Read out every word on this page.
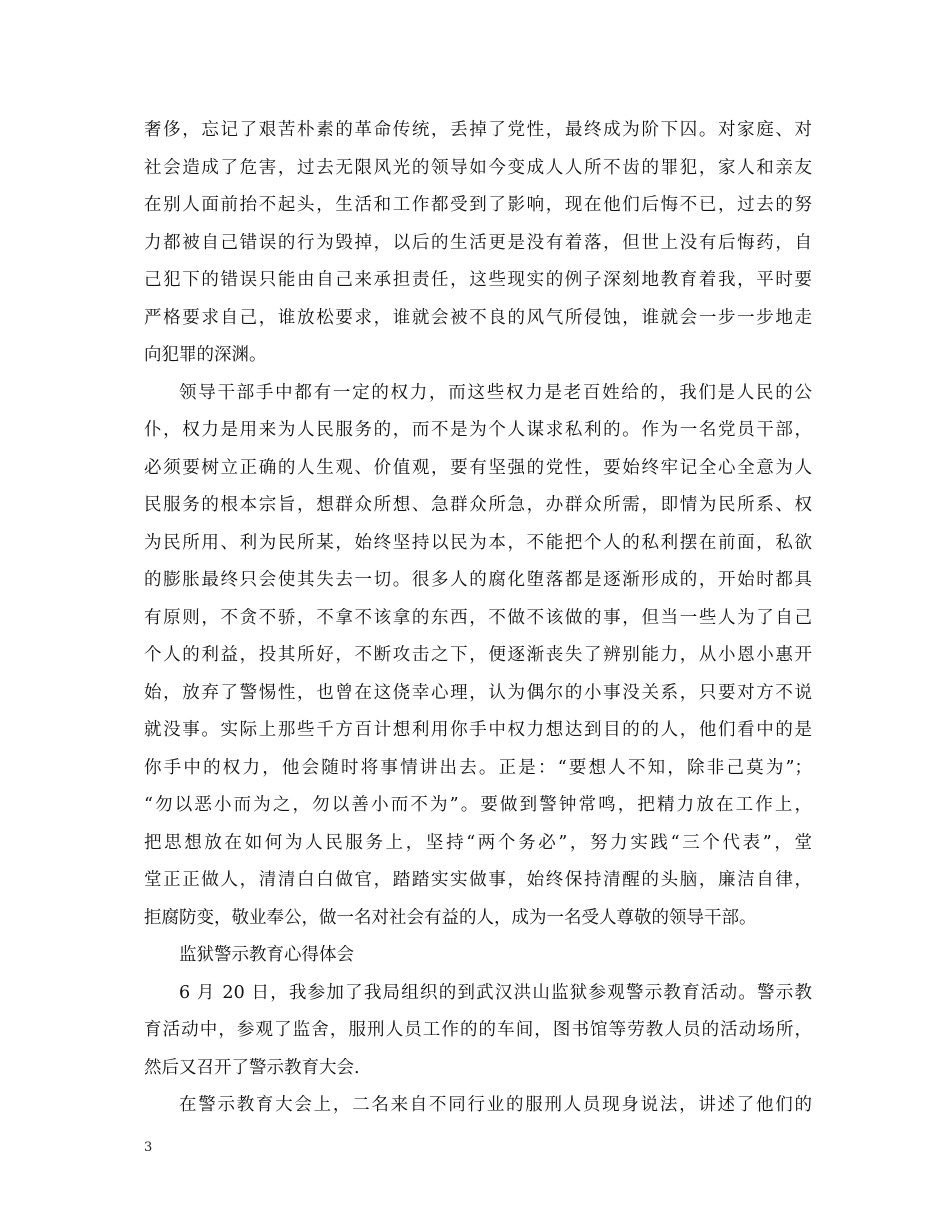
奢侈，忘记了艰苦朴素的革命传统，丢掉了党性，最终成为阶下囚。对家庭、对
社会造成了危害，过去无限风光的领导如今变成人人所不齿的罪犯，家人和亲友
在别人面前抬不起头，生活和工作都受到了影响，现在他们后悔不已，过去的努
力都被自己错误的行为毁掉，以后的生活更是没有着落，但世上没有后悔药，自
己犯下的错误只能由自己来承担责任，这些现实的例子深刻地教育着我，平时要
严格要求自己，谁放松要求，谁就会被不良的风气所侵蚀，谁就会一步一步地走
向犯罪的深渊。
领导干部手中都有一定的权力，而这些权力是老百姓给的，我们是人民的公
仆，权力是用来为人民服务的，而不是为个人谋求私利的。作为一名党员干部，
必须要树立正确的人生观、价值观，要有坚强的党性，要始终牢记全心全意为人
民服务的根本宗旨，想群众所想、急群众所急，办群众所需，即情为民所系、权
为民所用、利为民所某，始终坚持以民为本，不能把个人的私利摆在前面，私欲
的膨胀最终只会使其失去一切。很多人的腐化堕落都是逐渐形成的，开始时都具
有原则，不贪不骄，不拿不该拿的东西，不做不该做的事，但当一些人为了自己
个人的利益，投其所好，不断攻击之下，便逐渐丧失了辨别能力，从小恩小惠开
始，放弃了警惕性，也曾在这侥幸心理，认为偶尔的小事没关系，只要对方不说
就没事。实际上那些千方百计想利用你手中权力想达到目的的人，他们看中的是
你手中的权力，他会随时将事情讲出去。正是：“要想人不知，除非己莫为”；
“勿以恶小而为之，勿以善小而不为”。要做到警钟常鸣，把精力放在工作上，
把思想放在如何为人民服务上，坚持“两个务必”，努力实践“三个代表”，堂
堂正正做人，清清白白做官，踏踏实实做事，始终保持清醒的头脑，廉洁自律，
拒腐防变，敬业奉公，做一名对社会有益的人，成为一名受人尊敬的领导干部。
监狱警示教育心得体会
6 月 20 日，我参加了我局组织的到武汉洪山监狱参观警示教育活动。警示教
育活动中，参观了监舍，服刑人员工作的的车间，图书馆等劳教人员的活动场所，
然后又召开了警示教育大会.
在警示教育大会上，二名来自不同行业的服刑人员现身说法，讲述了他们的
3
